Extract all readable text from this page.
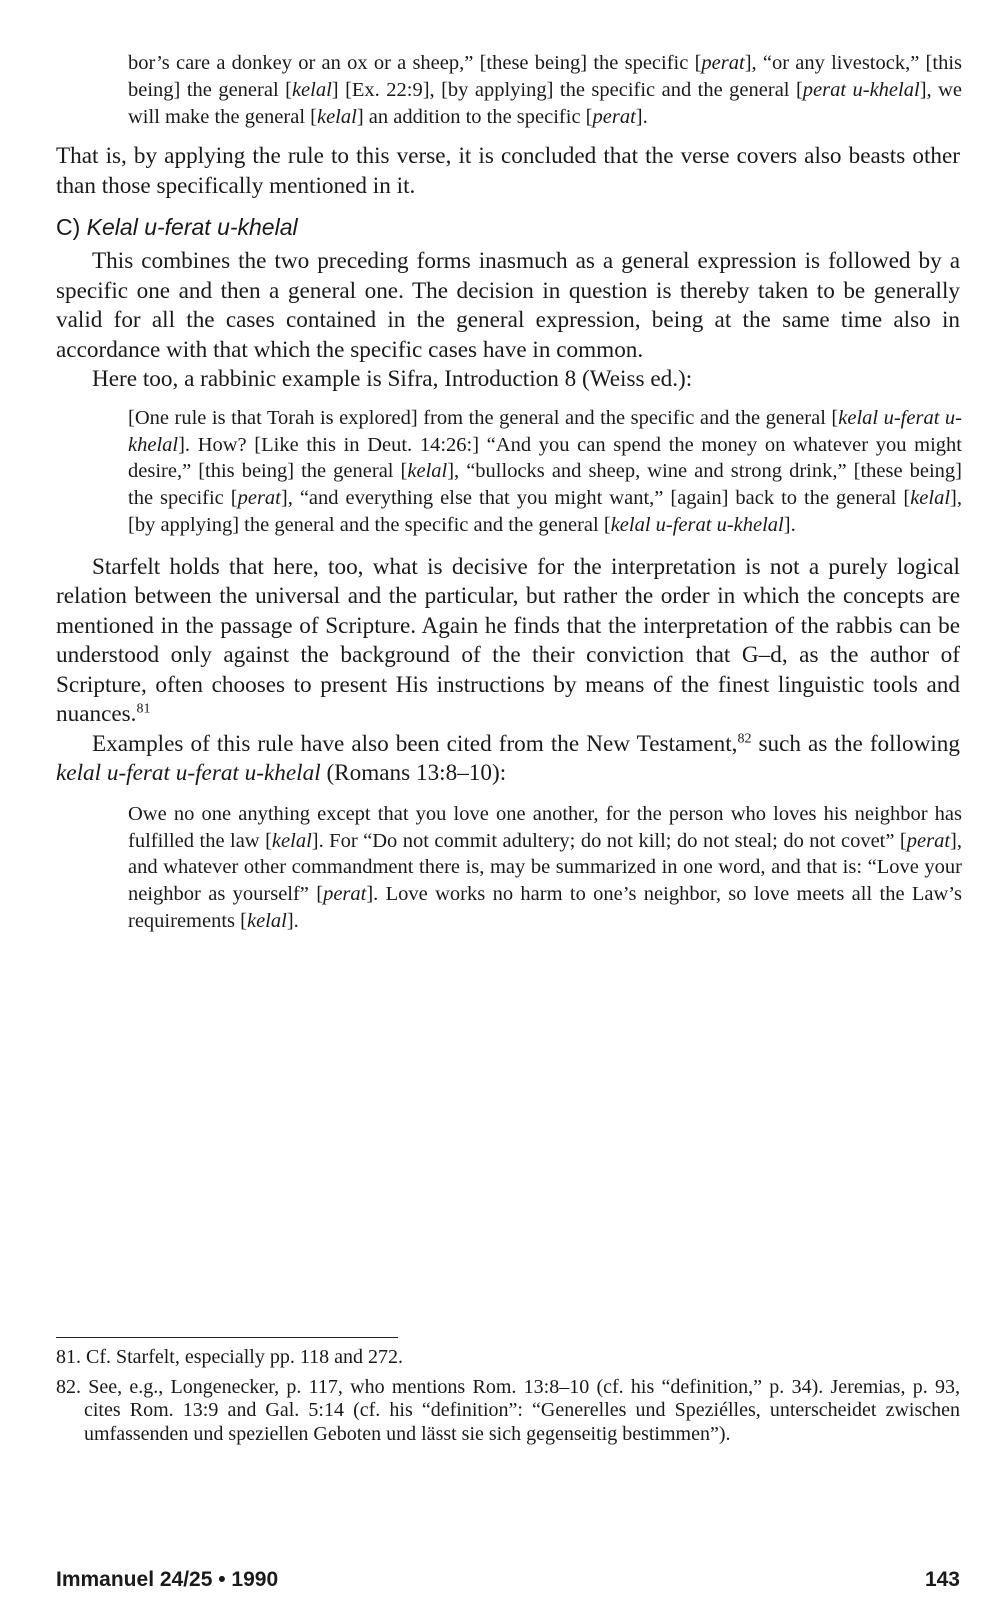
bor’s care a donkey or an ox or a sheep,” [these being] the specific [perat], “or any livestock,” [this being] the general [kelal] [Ex. 22:9], [by applying] the specific and the general [perat u-khelal], we will make the general [kelal] an addition to the specific [perat].

That is, by applying the rule to this verse, it is concluded that the verse covers also beasts other than those specifically mentioned in it.

C) Kelal u-ferat u-khelal

This combines the two preceding forms inasmuch as a general expression is followed by a specific one and then a general one. The decision in question is thereby taken to be generally valid for all the cases contained in the general expression, being at the same time also in accordance with that which the specific cases have in common.

Here too, a rabbinic example is Sifra, Introduction 8 (Weiss ed.):

[One rule is that Torah is explored] from the general and the specific and the general [kelal u-ferat u-khelal]. How? [Like this in Deut. 14:26:] “And you can spend the money on whatever you might desire,” [this being] the general [kelal], “bullocks and sheep, wine and strong drink,” [these being] the specific [perat], “and everything else that you might want,” [again] back to the general [kelal], [by applying] the general and the specific and the general [kelal u-ferat u-khelal].

Starfelt holds that here, too, what is decisive for the interpretation is not a purely logical relation between the universal and the particular, but rather the order in which the concepts are mentioned in the passage of Scripture. Again he finds that the interpretation of the rabbis can be understood only against the background of the their conviction that G–d, as the author of Scripture, often chooses to present His instructions by means of the finest linguistic tools and nuances.$^{81}$

Examples of this rule have also been cited from the New Testament,$^{82}$ such as the following kelal u-ferat u-ferat u-khelal (Romans 13:8–10):

Owe no one anything except that you love one another, for the person who loves his neighbor has fulfilled the law [kelal]. For “Do not commit adultery; do not kill; do not steal; do not covet” [perat], and whatever other commandment there is, may be summarized in one word, and that is: “Love your neighbor as yourself” [perat]. Love works no harm to one’s neighbor, so love meets all the Law’s requirements [kelal].

81. Cf. Starfelt, especially pp. 118 and 272.

82. See, e.g., Longenecker, p. 117, who mentions Rom. 13:8–10 (cf. his “definition,” p. 34). Jeremias, p. 93, cites Rom. 13:9 and Gal. 5:14 (cf. his “definition”: “Generelles und Speziélles, unterscheidet zwischen umfassenden und speziellen Geboten und lässt sie sich gegenseitig bestimmen”).

Immanuel 24/25 • 1990	143
